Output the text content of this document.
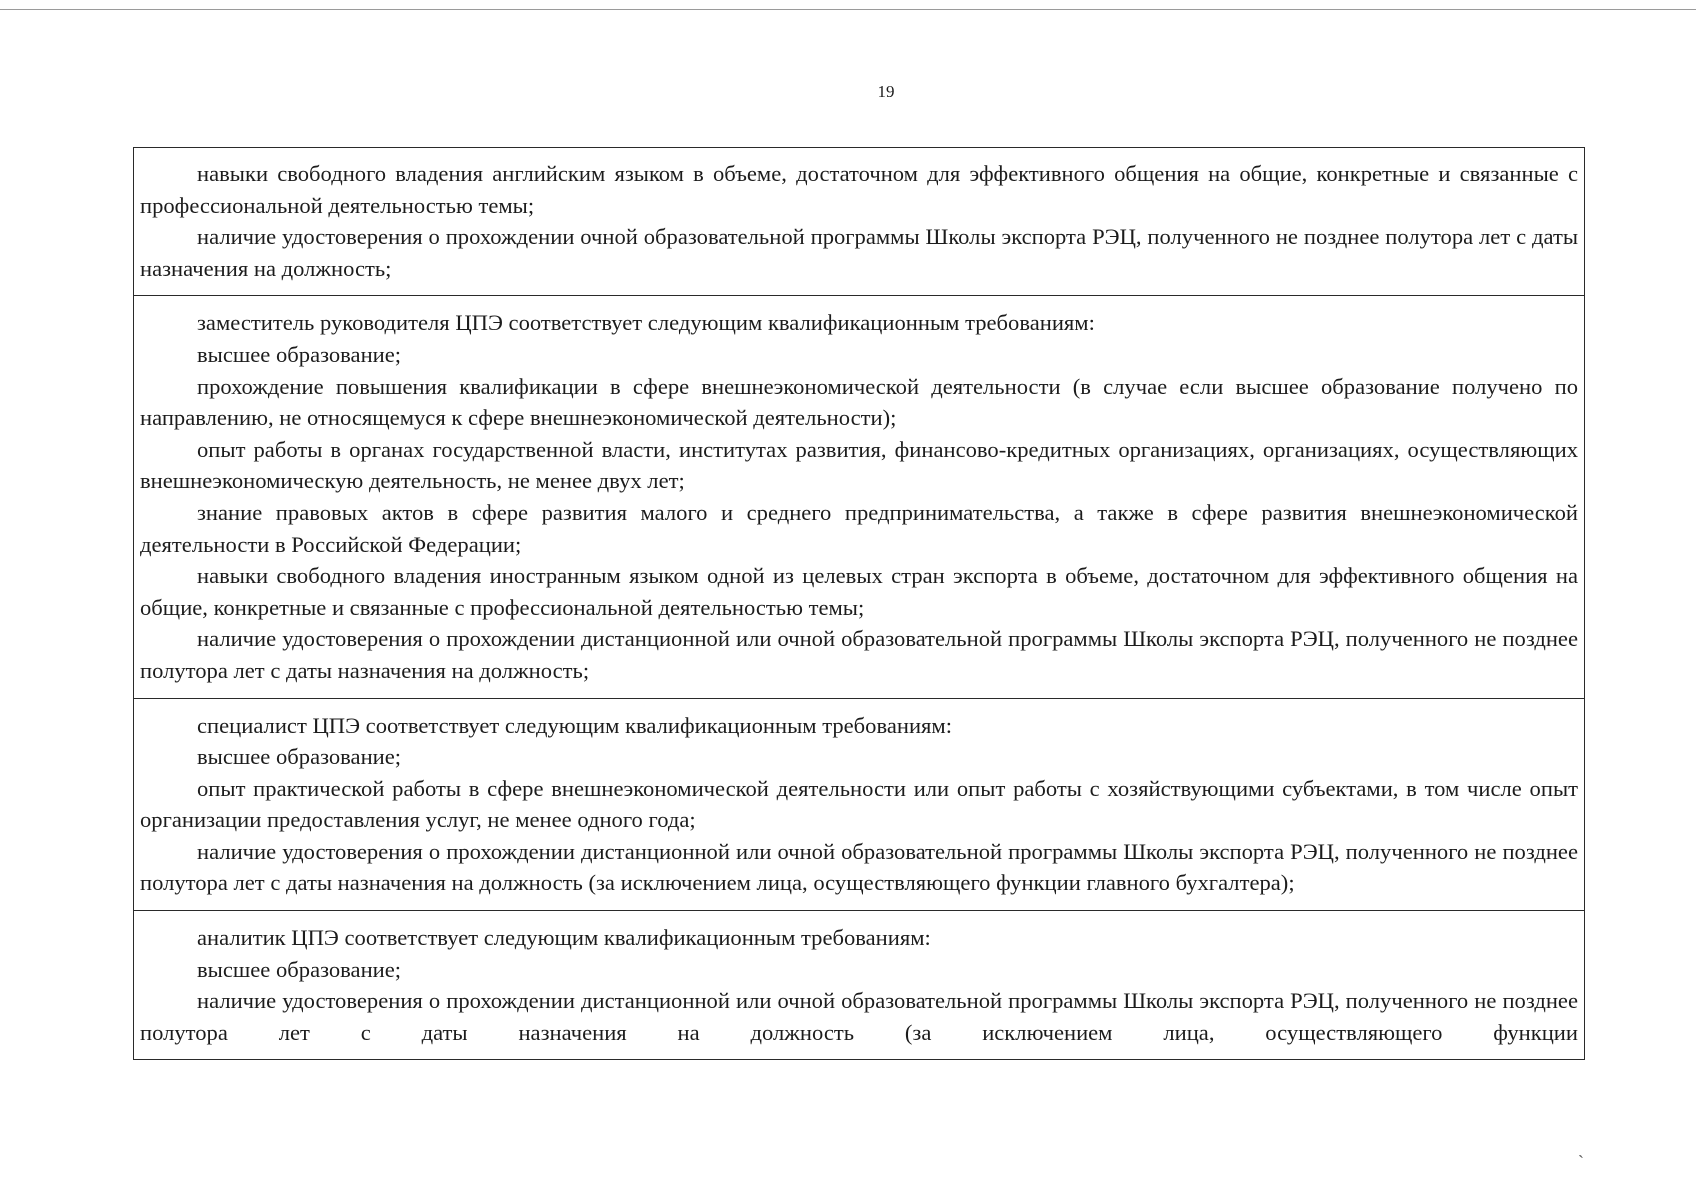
19

навыки свободного владения английским языком в объеме, достаточном для эффективного общения на общие, конкретные и связанные с профессиональной деятельностью темы;

наличие удостоверения о прохождении очной образовательной программы Школы экспорта РЭЦ, полученного не позднее полутора лет с даты назначения на должность;

заместитель руководителя ЦПЭ соответствует следующим квалификационным требованиям:

высшее образование;

прохождение повышения квалификации в сфере внешнеэкономической деятельности (в случае если высшее образование получено по направлению, не относящемуся к сфере внешнеэкономической деятельности);

опыт работы в органах государственной власти, институтах развития, финансово-кредитных организациях, организациях, осуществляющих внешнеэкономическую деятельность, не менее двух лет;

знание правовых актов в сфере развития малого и среднего предпринимательства, а также в сфере развития внешнеэкономической деятельности в Российской Федерации;

навыки свободного владения иностранным языком одной из целевых стран экспорта в объеме, достаточном для эффективного общения на общие, конкретные и связанные с профессиональной деятельностью темы;

наличие удостоверения о прохождении дистанционной или очной образовательной программы Школы экспорта РЭЦ, полученного не позднее полутора лет с даты назначения на должность;

специалист ЦПЭ соответствует следующим квалификационным требованиям:

высшее образование;

опыт практической работы в сфере внешнеэкономической деятельности или опыт работы с хозяйствующими субъектами, в том числе опыт организации предоставления услуг, не менее одного года;

наличие удостоверения о прохождении дистанционной или очной образовательной программы Школы экспорта РЭЦ, полученного не позднее полутора лет с даты назначения на должность (за исключением лица, осуществляющего функции главного бухгалтера);

аналитик ЦПЭ соответствует следующим квалификационным требованиям:

высшее образование;

наличие удостоверения о прохождении дистанционной или очной образовательной программы Школы экспорта РЭЦ, полученного не позднее полутора лет с даты назначения на должность (за исключением лица, осуществляющего функции

ˎ
